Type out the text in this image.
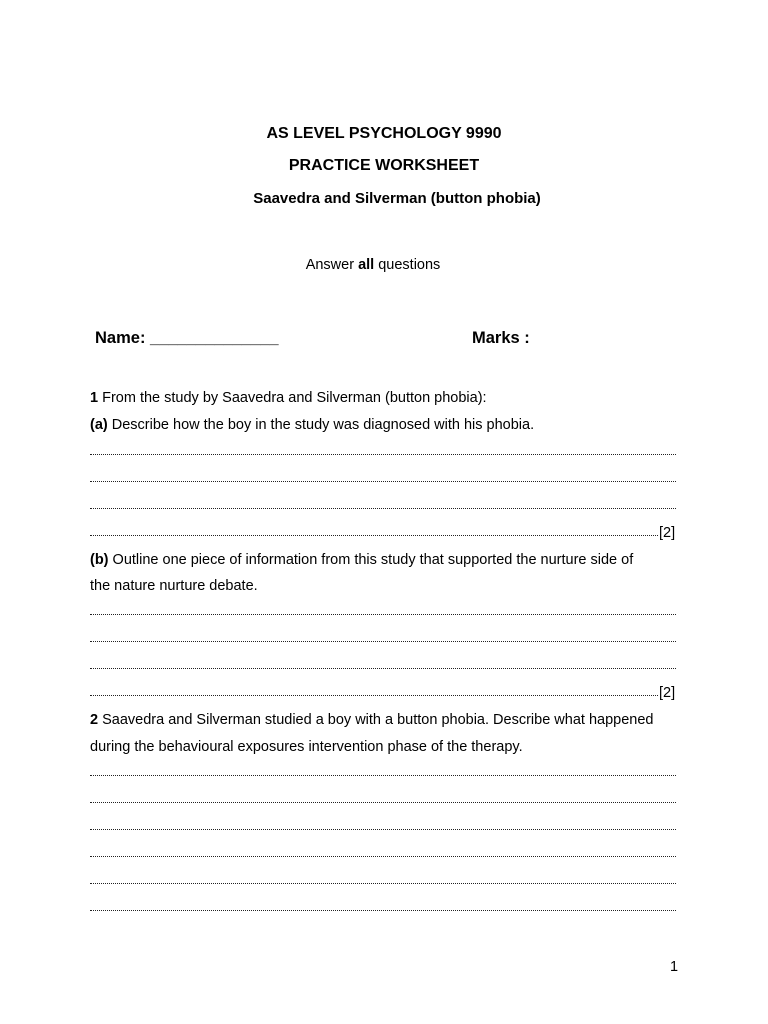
AS LEVEL PSYCHOLOGY 9990
PRACTICE WORKSHEET
Saavedra and Silverman (button phobia)
Answer all questions
Name: ______________	Marks :
1 From the study by Saavedra and Silverman (button phobia):
(a) Describe how the boy in the study was diagnosed with his phobia.
[2]
(b) Outline one piece of information from this study that supported the nurture side of
the nature nurture debate.
[2]
2 Saavedra and Silverman studied a boy with a button phobia. Describe what happened
during the behavioural exposures intervention phase of the therapy.
1
